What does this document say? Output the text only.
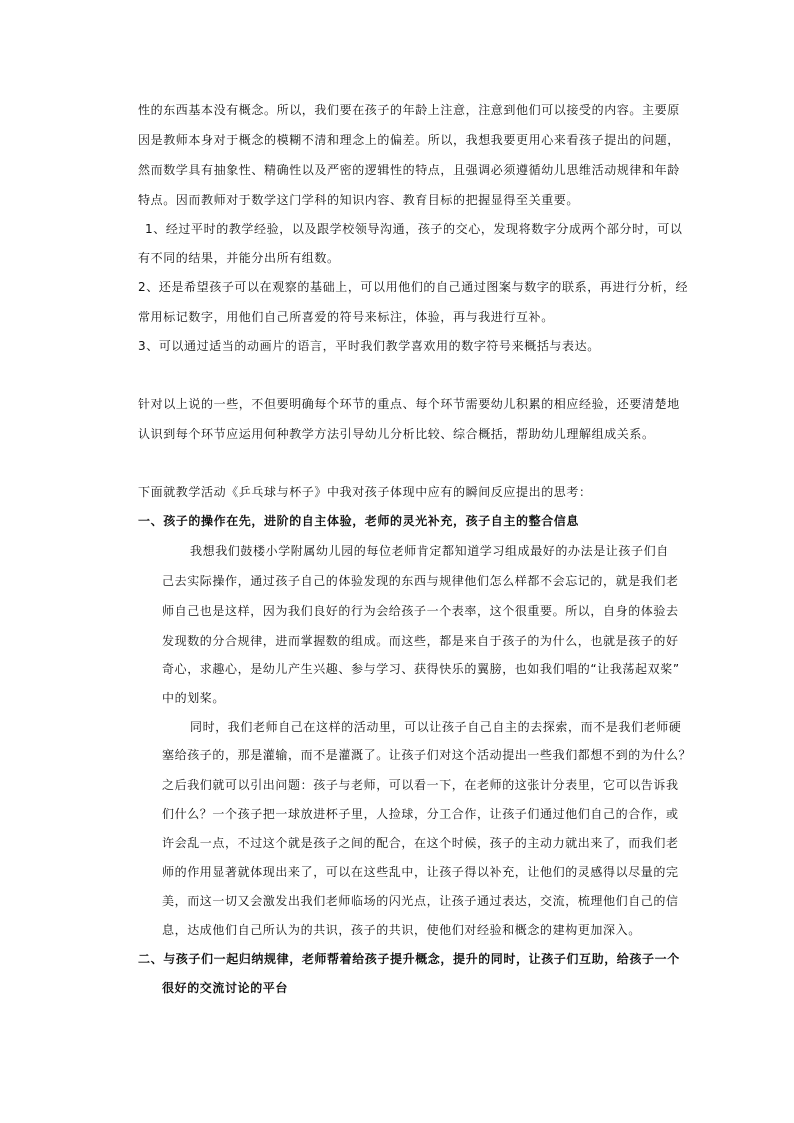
性的东西基本没有概念。所以，我们要在孩子的年龄上注意，注意到他们可以接受的内容。主要原
因是教师本身对于概念的模糊不清和理念上的偏差。所以，我想我要更用心来看孩子提出的问题，
然而数学具有抽象性、精确性以及严密的逻辑性的特点，且强调必须遵循幼儿思维活动规律和年龄
特点。因而教师对于数学这门学科的知识内容、教育目标的把握显得至关重要。
1、经过平时的教学经验，以及跟学校领导沟通，孩子的交心，发现将数字分成两个部分时，可以
有不同的结果，并能分出所有组数。
2、还是希望孩子可以在观察的基础上，可以用他们的自己通过图案与数字的联系，再进行分析，经
常用标记数字，用他们自己所喜爱的符号来标注，体验，再与我进行互补。
3、可以通过适当的动画片的语言，平时我们教学喜欢用的数字符号来概括与表达。
针对以上说的一些，不但要明确每个环节的重点、每个环节需要幼儿积累的相应经验，还要清楚地
认识到每个环节应运用何种教学方法引导幼儿分析比较、综合概括，帮助幼儿理解组成关系。
下面就教学活动《乒乓球与杯子》中我对孩子体现中应有的瞬间反应提出的思考：
一、孩子的操作在先，进阶的自主体验，老师的灵光补充，孩子自主的整合信息
我想我们鼓楼小学附属幼儿园的每位老师肯定都知道学习组成最好的办法是让孩子们自
己去实际操作，通过孩子自己的体验发现的东西与规律他们怎么样都不会忘记的，就是我们老
师自己也是这样，因为我们良好的行为会给孩子一个表率，这个很重要。所以，自身的体验去
发现数的分合规律，进而掌握数的组成。而这些，都是来自于孩子的为什么，也就是孩子的好
奇心，求趣心，是幼儿产生兴趣、参与学习、获得快乐的翼膀，也如我们唱的“让我荡起双桨”
中的划桨。
同时，我们老师自己在这样的活动里，可以让孩子自己自主的去探索，而不是我们老师硬
塞给孩子的，那是灌输，而不是灌溉了。让孩子们对这个活动提出一些我们都想不到的为什么？
之后我们就可以引出问题：孩子与老师，可以看一下，在老师的这张计分表里，它可以告诉我
们什么？一个孩子把一球放进杯子里，人捡球，分工合作，让孩子们通过他们自己的合作，或
许会乱一点，不过这个就是孩子之间的配合，在这个时候，孩子的主动力就出来了，而我们老
师的作用显著就体现出来了，可以在这些乱中，让孩子得以补充，让他们的灵感得以尽量的完
美，而这一切又会激发出我们老师临场的闪光点，让孩子通过表达，交流，梳理他们自己的信
息，达成他们自己所认为的共识，孩子的共识，使他们对经验和概念的建构更加深入。
二、与孩子们一起归纳规律，老师帮着给孩子提升概念，提升的同时，让孩子们互助，给孩子一个
很好的交流讨论的平台
